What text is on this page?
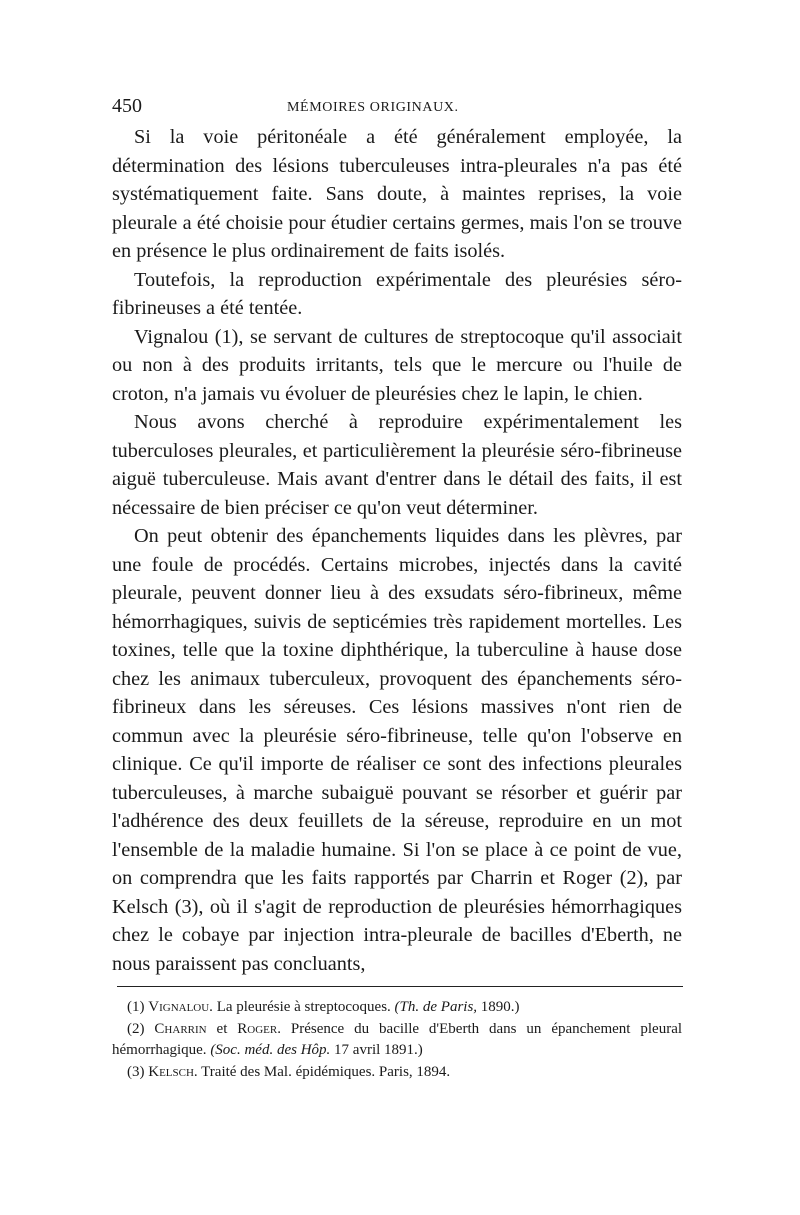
450	MÉMOIRES ORIGINAUX.

Si la voie péritonéale a été généralement employée, la détermination des lésions tuberculeuses intra-pleurales n'a pas été systématiquement faite. Sans doute, à maintes reprises, la voie pleurale a été choisie pour étudier certains germes, mais l'on se trouve en présence le plus ordinairement de faits isolés.

Toutefois, la reproduction expérimentale des pleurésies séro-fibrineuses a été tentée.

Vignalou (1), se servant de cultures de streptocoque qu'il associait ou non à des produits irritants, tels que le mercure ou l'huile de croton, n'a jamais vu évoluer de pleurésies chez le lapin, le chien.

Nous avons cherché à reproduire expérimentalement les tuberculoses pleurales, et particulièrement la pleurésie séro-fibrineuse aiguë tuberculeuse. Mais avant d'entrer dans le détail des faits, il est nécessaire de bien préciser ce qu'on veut déterminer.

On peut obtenir des épanchements liquides dans les plèvres, par une foule de procédés. Certains microbes, injectés dans la cavité pleurale, peuvent donner lieu à des exsudats séro-fibrineux, même hémorrhagiques, suivis de septicémies très rapidement mortelles. Les toxines, telle que la toxine diphthérique, la tuberculine à hause dose chez les animaux tuberculeux, provoquent des épanchements séro-fibrineux dans les séreuses. Ces lésions massives n'ont rien de commun avec la pleurésie séro-fibrineuse, telle qu'on l'observe en clinique. Ce qu'il importe de réaliser ce sont des infections pleurales tuberculeuses, à marche subaiguë pouvant se résorber et guérir par l'adhérence des deux feuillets de la séreuse, reproduire en un mot l'ensemble de la maladie humaine. Si l'on se place à ce point de vue, on comprendra que les faits rapportés par Charrin et Roger (2), par Kelsch (3), où il s'agit de reproduction de pleurésies hémorrhagiques chez le cobaye par injection intra-pleurale de bacilles d'Eberth, ne nous paraissent pas concluants,

(1) Vignalou. La pleurésie à streptocoques. (Th. de Paris, 1890.)

(2) Charrin et Roger. Présence du bacille d'Eberth dans un épanchement pleural hémorrhagique. (Soc. méd. des Hôp. 17 avril 1891.)

(3) Kelsch. Traité des Mal. épidémiques. Paris, 1894.
